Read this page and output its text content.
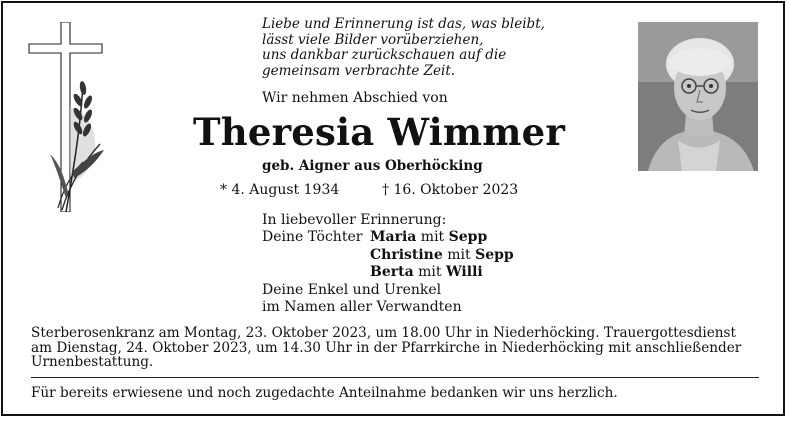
Liebe und Erinnerung ist das, was bleibt,
lässt viele Bilder vorüberziehen,
uns dankbar zurückschauen auf die
gemeinsam verbrachte Zeit.
Wir nehmen Abschied von
Theresia Wimmer
geb. Aigner aus Oberhöcking
* 4. August 1934	† 16. Oktober 2023
In liebevoller Erinnerung:
Deine Töchter Maria mit Sepp
Christine mit Sepp
Berta mit Willi
Deine Enkel und Urenkel
im Namen aller Verwandten
Sterberosenkranz am Montag, 23. Oktober 2023, um 18.00 Uhr in Niederhöcking. Trauergottesdienst am Dienstag, 24. Oktober 2023, um 14.30 Uhr in der Pfarrkirche in Niederhöcking mit anschließender Urnenbestattung.
Für bereits erwiesene und noch zugedachte Anteilnahme bedanken wir uns herzlich.
